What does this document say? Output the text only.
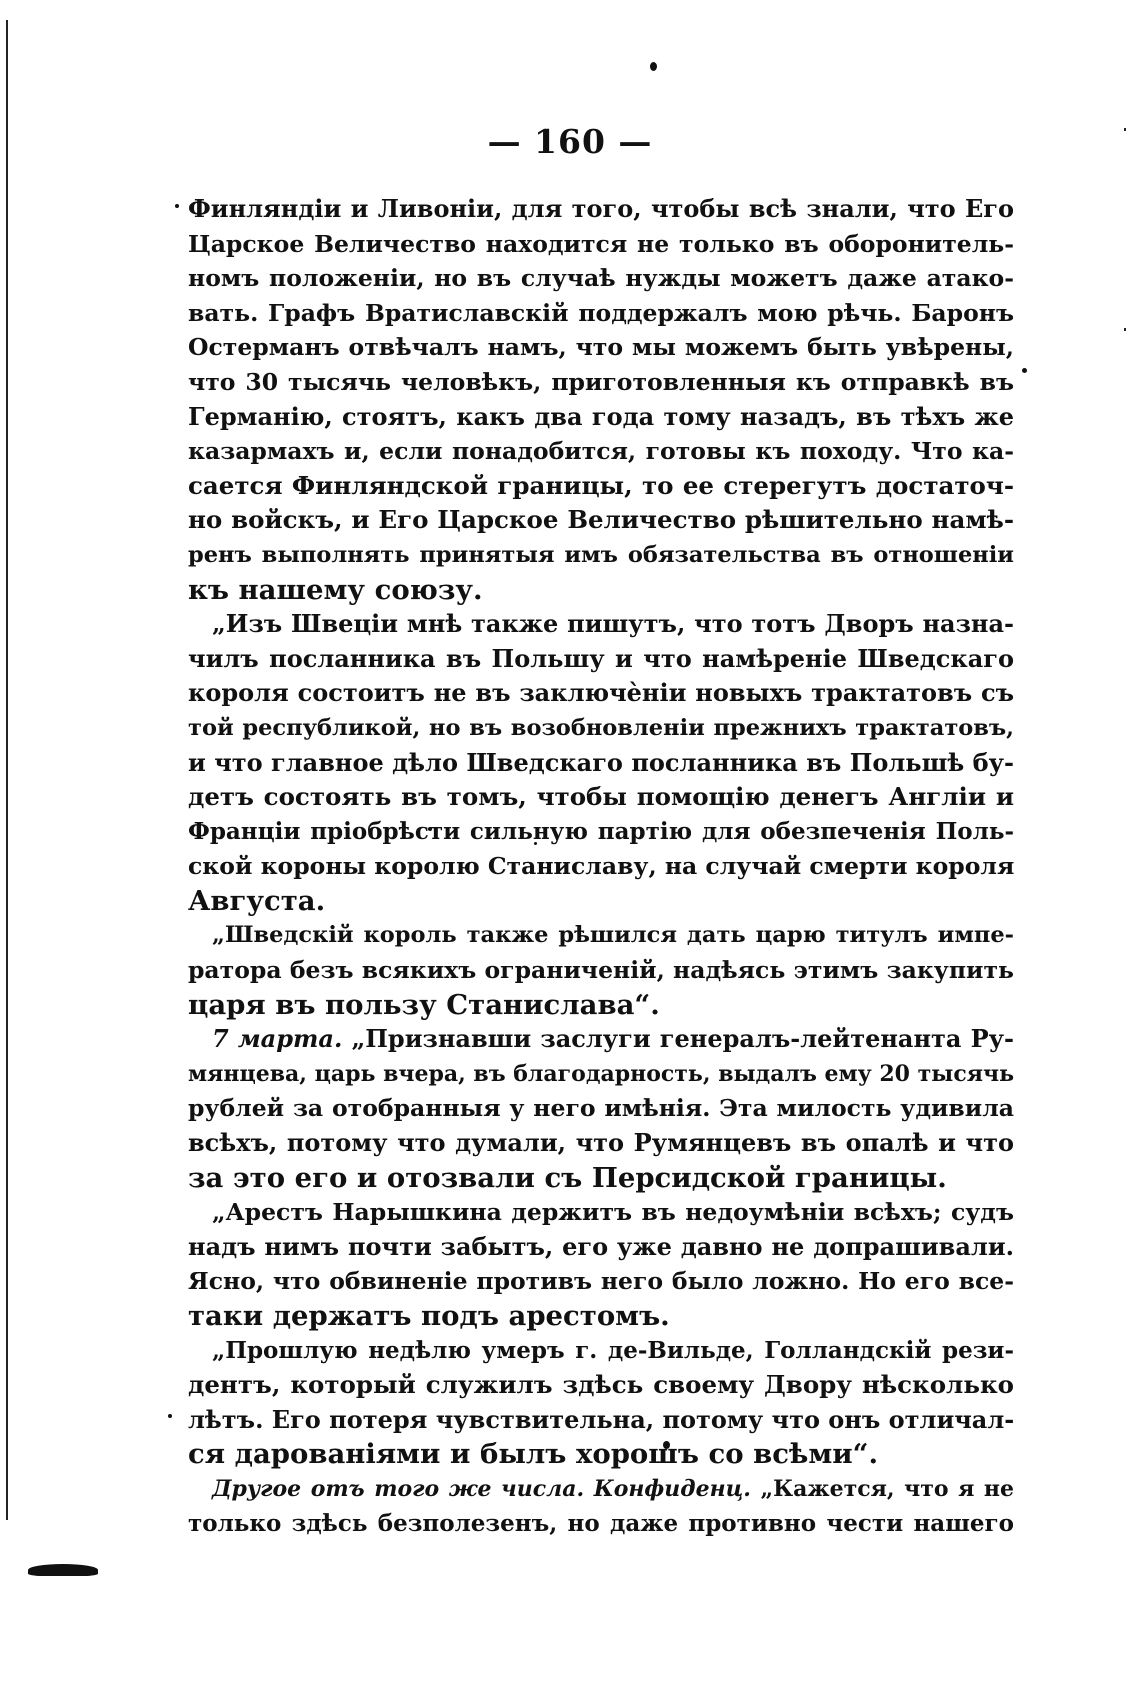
— 160 —
Финляндіи и Ливоніи, для того, чтобы всѣ знали, что Его
Царское Величество находится не только въ оборонитель-
номъ положеніи, но въ случаѣ нужды можетъ даже атако-
вать. Графъ Вратиславскій поддержалъ мою рѣчь. Баронъ
Остерманъ отвѣчалъ намъ, что мы можемъ быть увѣрены,
что 30 тысячь человѣкъ, приготовленныя къ отправкѣ въ
Германію, стоятъ, какъ два года тому назадъ, въ тѣхъ же
казармахъ и, если понадобится, готовы къ походу. Что ка-
сается Финляндской границы, то ее стерегутъ достаточ-
но войскъ, и Его Царское Величество рѣшительно намѣ-
ренъ выполнять принятыя имъ обязательства въ отношеніи
къ нашему союзу.
„Изъ Швеціи мнѣ также пишутъ, что тотъ Дворъ назна-
чилъ посланника въ Польшу и что намѣреніе Шведскаго
короля состоитъ не въ заключѐніи новыхъ трактатовъ съ
той республикой, но въ возобновленіи прежнихъ трактатовъ,
и что главное дѣло Шведскаго посланника въ Польшѣ бу-
детъ состоять въ томъ, чтобы помощію денегъ Англіи и
Франціи пріобрѣсти сильную партію для обезпеченія Поль-
ской короны королю Станиславу, на случай смерти короля
Августа.
„Шведскій король также рѣшился дать царю титулъ импе-
ратора безъ всякихъ ограниченій, надѣясь этимъ закупить
царя въ пользу Станислава“.
7 марта. „Признавши заслуги генералъ-лейтенанта Ру-
мянцева, царь вчера, въ благодарность, выдалъ ему 20 тысячь
рублей за отобранныя у него имѣнія. Эта милость удивила
всѣхъ, потому что думали, что Румянцевъ въ опалѣ и что
за это его и отозвали съ Персидской границы.
„Арестъ Нарышкина держитъ въ недоумѣніи всѣхъ; судъ
надъ нимъ почти забытъ, его уже давно не допрашивали.
Ясно, что обвиненіе противъ него было ложно. Но его все-
таки держатъ подъ арестомъ.
„Прошлую недѣлю умеръ г. де-Вильде, Голландскій рези-
дентъ, который служилъ здѣсь своему Двору нѣсколько
лѣтъ. Его потеря чувствительна, потому что онъ отличал-
ся дарованіями и былъ хорошъ со всѣми“.
Другое отъ того же числа. Конфиденц. „Кажется, что я не
только здѣсь безполезенъ, но даже противно чести нашего
